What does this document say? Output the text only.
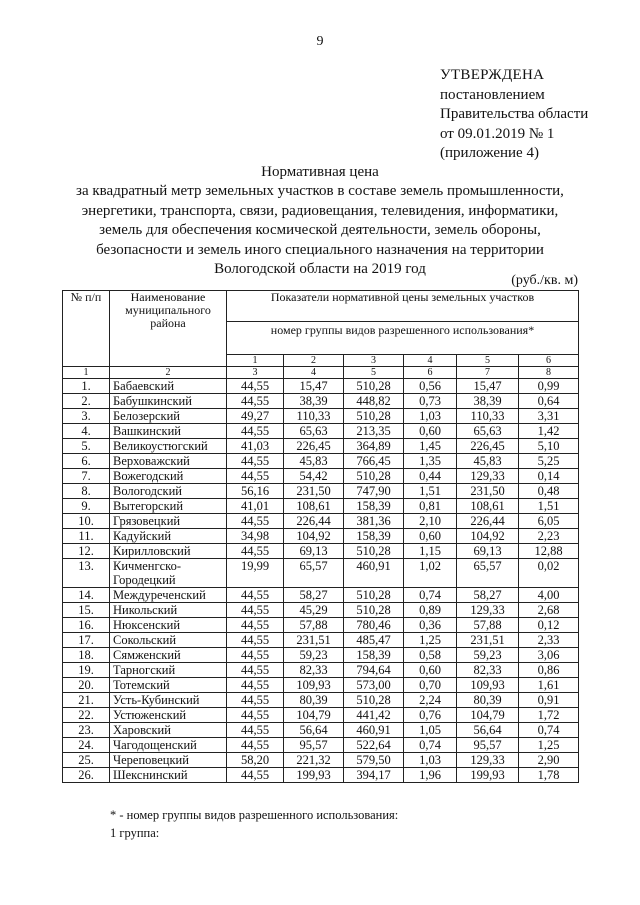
9
УТВЕРЖДЕНА
постановлением
Правительства области
от 09.01.2019 № 1
(приложение 4)
Нормативная цена
за квадратный метр земельных участков в составе земель промышленности,
энергетики, транспорта, связи, радиовещания, телевидения, информатики,
земель для обеспечения космической деятельности, земель обороны,
безопасности и земель иного специального назначения на территории
Вологодской области на 2019 год
(руб./кв. м)
№ п/п	Наименование муниципального района	Показатели нормативной цены земельных участков					
		номер группы видов разрешенного использования*					
		1	2	3	4	5	6
1	2	3	4	5	6	7	8
1.	Бабаевский	44,55	15,47	510,28	0,56	15,47	0,99
2.	Бабушкинский	44,55	38,39	448,82	0,73	38,39	0,64
3.	Белозерский	49,27	110,33	510,28	1,03	110,33	3,31
4.	Вашкинский	44,55	65,63	213,35	0,60	65,63	1,42
5.	Великоустюгский	41,03	226,45	364,89	1,45	226,45	5,10
6.	Верховажский	44,55	45,83	766,45	1,35	45,83	5,25
7.	Вожегодский	44,55	54,42	510,28	0,44	129,33	0,14
8.	Вологодский	56,16	231,50	747,90	1,51	231,50	0,48
9.	Вытегорский	41,01	108,61	158,39	0,81	108,61	1,51
10.	Грязовецкий	44,55	226,44	381,36	2,10	226,44	6,05
11.	Кадуйский	34,98	104,92	158,39	0,60	104,92	2,23
12.	Кирилловский	44,55	69,13	510,28	1,15	69,13	12,88
13.	Кичменгско-Городецкий	19,99	65,57	460,91	1,02	65,57	0,02
14.	Междуреченский	44,55	58,27	510,28	0,74	58,27	4,00
15.	Никольский	44,55	45,29	510,28	0,89	129,33	2,68
16.	Нюксенский	44,55	57,88	780,46	0,36	57,88	0,12
17.	Сокольский	44,55	231,51	485,47	1,25	231,51	2,33
18.	Сямженский	44,55	59,23	158,39	0,58	59,23	3,06
19.	Тарногский	44,55	82,33	794,64	0,60	82,33	0,86
20.	Тотемский	44,55	109,93	573,00	0,70	109,93	1,61
21.	Усть-Кубинский	44,55	80,39	510,28	2,24	80,39	0,91
22.	Устюженский	44,55	104,79	441,42	0,76	104,79	1,72
23.	Харовский	44,55	56,64	460,91	1,05	56,64	0,74
24.	Чагодощенский	44,55	95,57	522,64	0,74	95,57	1,25
25.	Череповецкий	58,20	221,32	579,50	1,03	129,33	2,90
26.	Шекснинский	44,55	199,93	394,17	1,96	199,93	1,78
* - номер группы видов разрешенного использования:
1 группа:
